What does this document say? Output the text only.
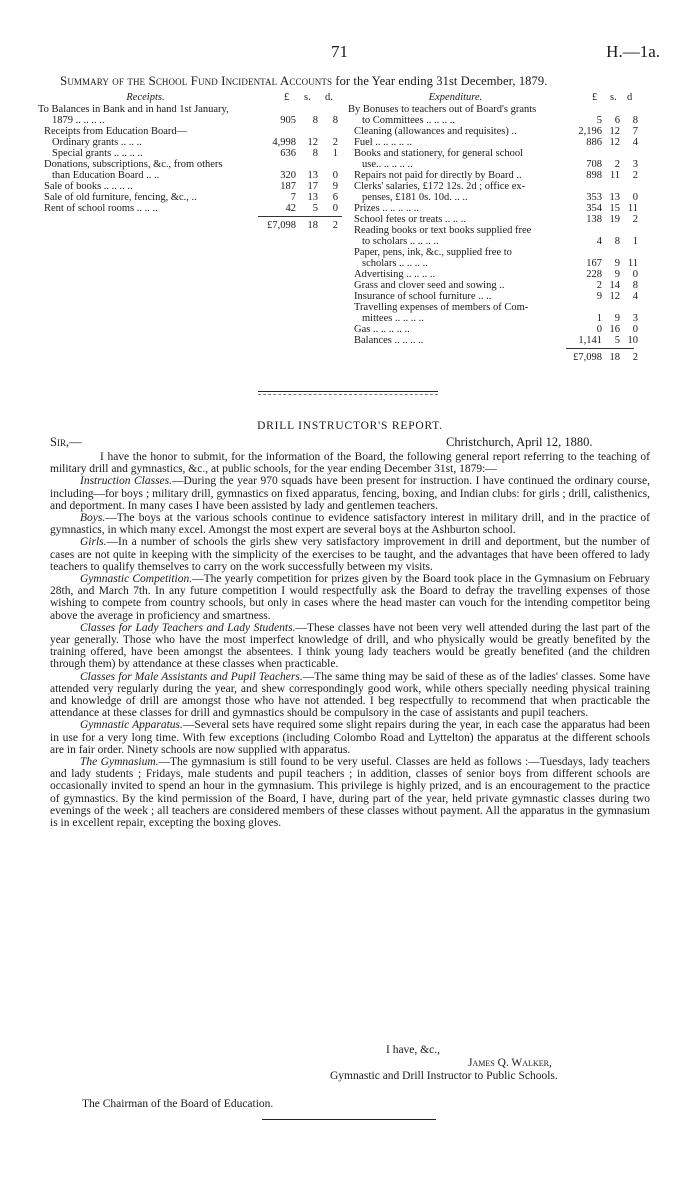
71	H.—1a.
Summary of the School Fund Incidental Accounts for the Year ending 31st December, 1879.
Receipts.	£ s. d.
To Balances in Bank and in hand 1st January,
1879 .. .. .. ..	905	8	8
Receipts from Education Board—
Ordinary grants .. .. ..	4,998	12	2
Special grants .. .. .. ..	636	8	1
Donations, subscriptions, &c., from others
than Education Board .. ..	320	13	0
Sale of books .. .. .. ..	187	17	9
Sale of old furniture, fencing, &c., ..	7	13	6
Rent of school rooms .. .. ..	42	5	0
£7,098	18	2
Expenditure.	£ s. d
By Bonuses to teachers out of Board's grants
to Committees .. .. .. ..	5	6	8
Cleaning (allowances and requisites) ..	2,196 12	7
Fuel .. .. .. .. ..	886 12	4
Books and stationery, for general school
use.. .. .. .. ..	708	2	3
Repairs not paid for directly by Board ..	898 11	2
Clerks' salaries, £172 12s. 2d ; office ex-
penses, £181 0s. 10d. .. ..	353 13	0
Prizes .. .. .. .. ..	354 15 11
School fetes or treats .. .. ..	138 19	2
Reading books or text books supplied free
to scholars .. .. .. ..	4	8	1
Paper, pens, ink, &c., supplied free to
scholars .. .. .. ..	167	9 11
Advertising .. .. .. ..	228	9	0
Grass and clover seed and sowing ..	2 14	8
Insurance of school furniture .. ..	9 12	4
Travelling expenses of members of Com-
mittees .. .. .. ..	1	9	3
Gas .. .. .. .. ..	0 16	0
Balances .. .. .. ..	1,141	5 10
£7,098 18	2
DRILL INSTRUCTOR'S REPORT.
Sir,—	Christchurch, April 12, 1880.

I have the honor to submit, for the information of the Board, the following general report referring to the teaching of military drill and gymnastics, &c., at public schools, for the year ending December 31st, 1879:—

Instruction Classes.—During the year 970 squads have been present for instruction. I have continued the ordinary course, including—for boys ; military drill, gymnastics on fixed apparatus, fencing, boxing, and Indian clubs: for girls ; drill, calisthenics, and deportment. In many cases I have been assisted by lady and gentlemen teachers.

Boys.—The boys at the various schools continue to evidence satisfactory interest in military drill, and in the practice of gymnastics, in which many excel. Amongst the most expert are several boys at the Ashburton school.

Girls.—In a number of schools the girls shew very satisfactory improvement in drill and deportment, but the number of cases are not quite in keeping with the simplicity of the exercises to be taught, and the advantages that have been offered to lady teachers to qualify themselves to carry on the work successfully between my visits.

Gymnastic Competition.—The yearly competition for prizes given by the Board took place in the Gymnasium on February 28th, and March 7th. In any future competition I would respectfully ask the Board to defray the travelling expenses of those wishing to compete from country schools, but only in cases where the head master can vouch for the intending competitor being above the average in proficiency and smartness.

Classes for Lady Teachers and Lady Students.—These classes have not been very well attended during the last part of the year generally. Those who have the most imperfect knowledge of drill, and who physically would be greatly benefited by the training offered, have been amongst the absentees. I think young lady teachers would be greatly benefited (and the children through them) by attendance at these classes when practicable.

Classes for Male Assistants and Pupil Teachers.—The same thing may be said of these as of the ladies' classes. Some have attended very regularly during the year, and shew correspondingly good work, while others specially needing physical training and knowledge of drill are amongst those who have not attended. I beg respectfully to recommend that when practicable the attendance at these classes for drill and gymnastics should be compulsory in the case of assistants and pupil teachers.

Gymnastic Apparatus.—Several sets have required some slight repairs during the year, in each case the apparatus had been in use for a very long time. With few exceptions (including Colombo Road and Lyttelton) the apparatus at the different schools are in fair order. Ninety schools are now supplied with apparatus.

The Gymnasium.—The gymnasium is still found to be very useful. Classes are held as follows :—Tuesdays, lady teachers and lady students ; Fridays, male students and pupil teachers ; in addition, classes of senior boys from different schools are occasionally invited to spend an hour in the gymnasium. This privilege is highly prized, and is an encouragement to the practice of gymnastics. By the kind permission of the Board, I have, during part of the year, held private gymnastic classes during two evenings of the week ; all teachers are considered members of these classes without payment. All the apparatus in the gymnasium is in excellent repair, excepting the boxing gloves.

I have, &c.,
James Q. Walker,
Gymnastic and Drill Instructor to Public Schools.
The Chairman of the Board of Education.
